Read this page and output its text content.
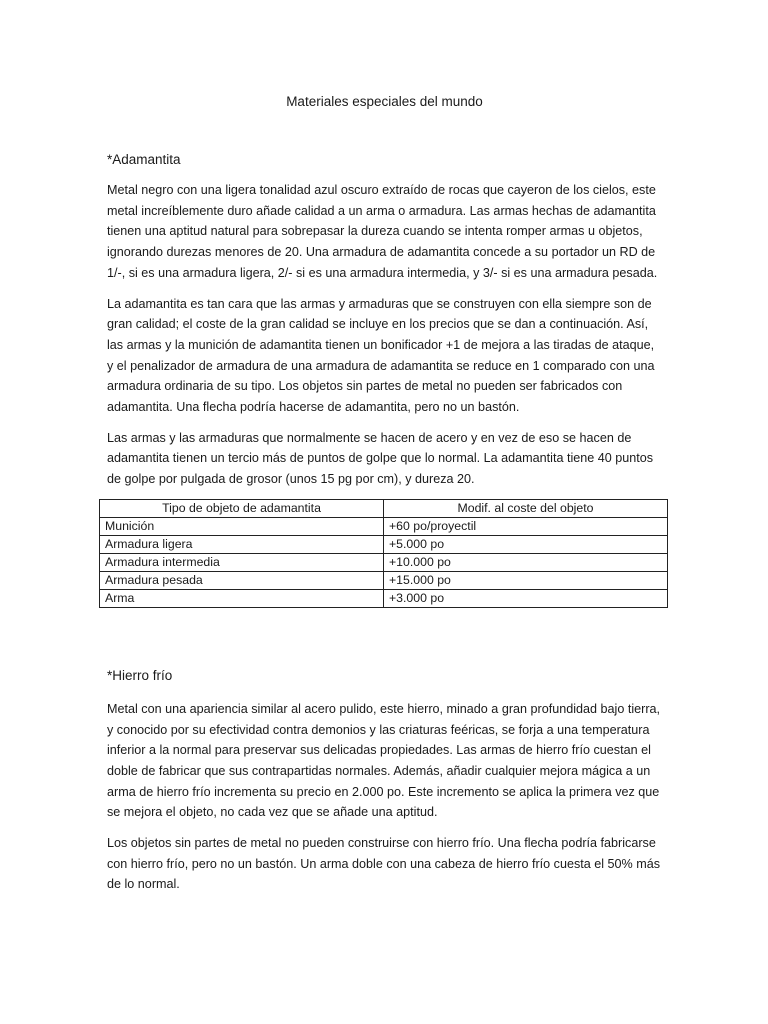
Materiales especiales del mundo

*Adamantita

Metal negro con una ligera tonalidad azul oscuro extraído de rocas que cayeron de los cielos, este metal increíblemente duro añade calidad a un arma o armadura. Las armas hechas de adamantita tienen una aptitud natural para sobrepasar la dureza cuando se intenta romper armas u objetos, ignorando durezas menores de 20. Una armadura de adamantita concede a su portador un RD de 1/-, si es una armadura ligera, 2/- si es una armadura intermedia, y 3/- si es una armadura pesada.

La adamantita es tan cara que las armas y armaduras que se construyen con ella siempre son de gran calidad; el coste de la gran calidad se incluye en los precios que se dan a continuación. Así, las armas y la munición de adamantita tienen un bonificador +1 de mejora a las tiradas de ataque, y el penalizador de armadura de una armadura de adamantita se reduce en 1 comparado con una armadura ordinaria de su tipo. Los objetos sin partes de metal no pueden ser fabricados con adamantita. Una flecha podría hacerse de adamantita, pero no un bastón.

Las armas y las armaduras que normalmente se hacen de acero y en vez de eso se hacen de adamantita tienen un tercio más de puntos de golpe que lo normal. La adamantita tiene 40 puntos de golpe por pulgada de grosor (unos 15 pg por cm), y dureza 20.

Tipo de objeto de adamantita	Modif. al coste del objeto
Munición	+60 po/proyectil
Armadura ligera	+5.000 po
Armadura intermedia	+10.000 po
Armadura pesada	+15.000 po
Arma	+3.000 po

*Hierro frío

Metal con una apariencia similar al acero pulido, este hierro, minado a gran profundidad bajo tierra, y conocido por su efectividad contra demonios y las criaturas feéricas, se forja a una temperatura inferior a la normal para preservar sus delicadas propiedades. Las armas de hierro frío cuestan el doble de fabricar que sus contrapartidas normales. Además, añadir cualquier mejora mágica a un arma de hierro frío incrementa su precio en 2.000 po. Este incremento se aplica la primera vez que se mejora el objeto, no cada vez que se añade una aptitud.

Los objetos sin partes de metal no pueden construirse con hierro frío. Una flecha podría fabricarse con hierro frío, pero no un bastón. Un arma doble con una cabeza de hierro frío cuesta el 50% más de lo normal.
